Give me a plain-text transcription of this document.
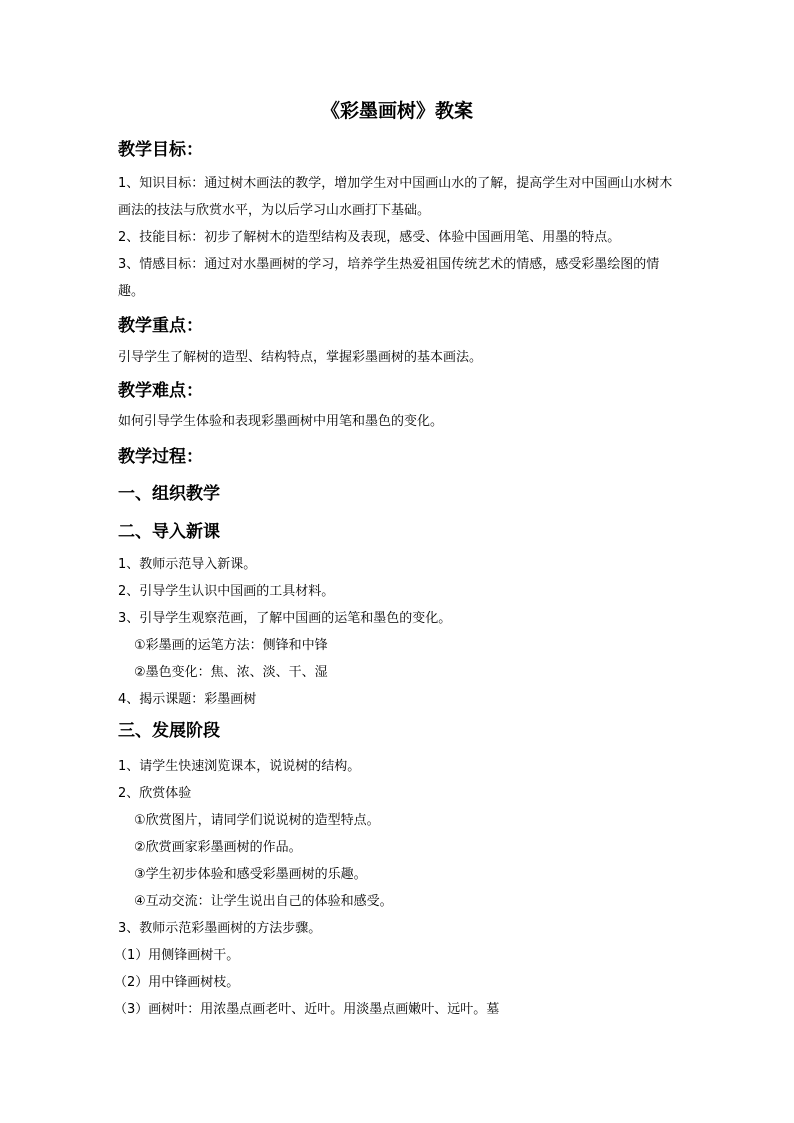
《彩墨画树》教案
教学目标：
1、知识目标：通过树木画法的教学，增加学生对中国画山水的了解，提高学生对中国画山水树木画法的技法与欣赏水平，为以后学习山水画打下基础。
2、技能目标：初步了解树木的造型结构及表现，感受、体验中国画用笔、用墨的特点。
3、情感目标：通过对水墨画树的学习，培养学生热爱祖国传统艺术的情感，感受彩墨绘图的情趣。
教学重点：
引导学生了解树的造型、结构特点，掌握彩墨画树的基本画法。
教学难点：
如何引导学生体验和表现彩墨画树中用笔和墨色的变化。
教学过程：
一、组织教学
二、导入新课
1、教师示范导入新课。
2、引导学生认识中国画的工具材料。
3、引导学生观察范画，了解中国画的运笔和墨色的变化。
①彩墨画的运笔方法：侧锋和中锋
②墨色变化：焦、浓、淡、干、湿
4、揭示课题：彩墨画树
三、发展阶段
1、请学生快速浏览课本，说说树的结构。
2、欣赏体验
①欣赏图片，请同学们说说树的造型特点。
②欣赏画家彩墨画树的作品。
③学生初步体验和感受彩墨画树的乐趣。
④互动交流：让学生说出自己的体验和感受。
3、教师示范彩墨画树的方法步骤。
（1）用侧锋画树干。
（2）用中锋画树枝。
（3）画树叶：用浓墨点画老叶、近叶。用淡墨点画嫩叶、远叶。墓
